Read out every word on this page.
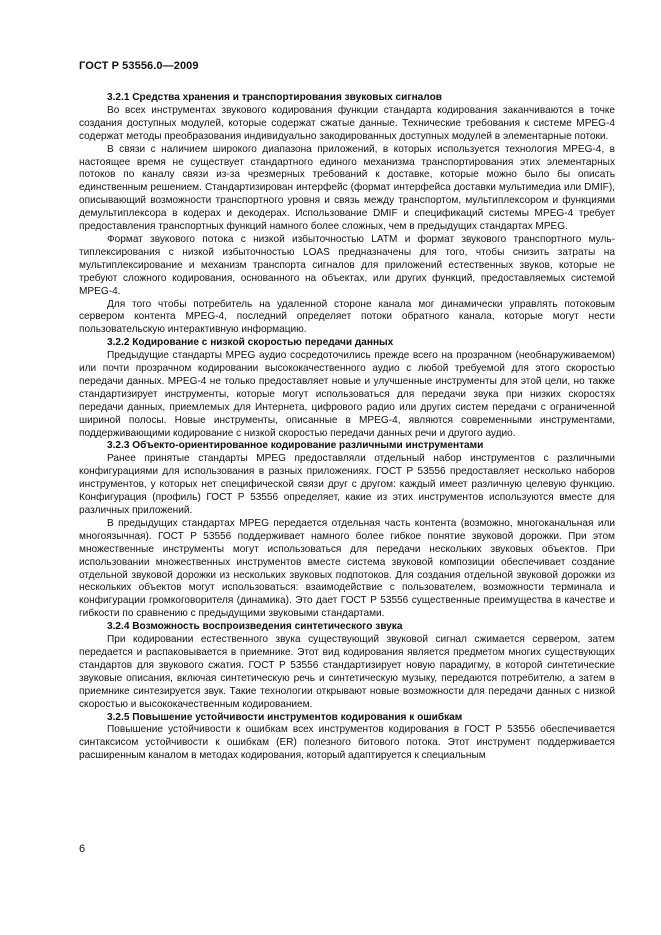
ГОСТ Р 53556.0—2009
3.2.1 Средства хранения и транспортирования звуковых сигналов

Во всех инструментах звукового кодирования функции стандарта кодирования заканчиваются в точке создания доступных модулей, которые содержат сжатые данные. Технические требования к системе MPEG-4 содержат методы преобразования индивидуально закодированных доступных модулей в элементарные потоки.

В связи с наличием широкого диапазона приложений, в которых используется технология MPEG-4, в настоящее время не существует стандартного единого механизма транспортирования этих элементарных потоков по каналу связи из-за чрезмерных требований к доставке, которые можно было бы описать единственным решением. Стандартизирован интерфейс (формат интерфейса доставки мультимедиа или DMIF), описывающий возможности транспортного уровня и связь между транспортом, мультиплексором и функциями демультиплексора в кодерах и декодерах. Использование DMIF и спецификаций системы MPEG-4 требует предоставления транспортных функций намного более сложных, чем в предыдущих стандартах MPEG.

Формат звукового потока с низкой избыточностью LATM и формат звукового транспортного мультиплексирования с низкой избыточностью LOAS предназначены для того, чтобы снизить затраты на мультиплексирование и механизм транспорта сигналов для приложений естественных звуков, которые не требуют сложного кодирования, основанного на объектах, или других функций, предоставляемых системой MPEG-4.

Для того чтобы потребитель на удаленной стороне канала мог динамически управлять потоковым сервером контента MPEG-4, последний определяет потоки обратного канала, которые могут нести пользовательскую интерактивную информацию.

3.2.2 Кодирование с низкой скоростью передачи данных

Предыдущие стандарты MPEG аудио сосредоточились прежде всего на прозрачном (необнаруживаемом) или почти прозрачном кодировании высококачественного аудио с любой требуемой для этого скоростью передачи данных. MPEG-4 не только предоставляет новые и улучшенные инструменты для этой цели, но также стандартизирует инструменты, которые могут использоваться для передачи звука при низких скоростях передачи данных, приемлемых для Интернета, цифрового радио или других систем передачи с ограниченной шириной полосы. Новые инструменты, описанные в MPEG-4, являются современными инструментами, поддерживающими кодирование с низкой скоростью передачи данных речи и другого аудио.

3.2.3 Объекто-ориентированное кодирование различными инструментами

Ранее принятые стандарты MPEG предоставляли отдельный набор инструментов с различными конфигурациями для использования в разных приложениях. ГОСТ Р 53556 предоставляет несколько наборов инструментов, у которых нет специфической связи друг с другом: каждый имеет различную целевую функцию. Конфигурация (профиль) ГОСТ Р 53556 определяет, какие из этих инструментов используются вместе для различных приложений.

В предыдущих стандартах MPEG передается отдельная часть контента (возможно, многоканальная или многоязычная). ГОСТ Р 53556 поддерживает намного более гибкое понятие звуковой дорожки. При этом множественные инструменты могут использоваться для передачи нескольких звуковых объектов. При использовании множественных инструментов вместе система звуковой композиции обеспечивает создание отдельной звуковой дорожки из нескольких звуковых подпотоков. Для создания отдельной звуковой дорожки из нескольких объектов могут использоваться: взаимодействие с пользователем, возможности терминала и конфигурации громкоговорителя (динамика). Это дает ГОСТ Р 53556 существенные преимущества в качестве и гибкости по сравнению с предыдущими звуковыми стандартами.

3.2.4 Возможность воспроизведения синтетического звука

При кодировании естественного звука существующий звуковой сигнал сжимается сервером, затем передается и распаковывается в приемнике. Этот вид кодирования является предметом многих существующих стандартов для звукового сжатия. ГОСТ Р 53556 стандартизирует новую парадигму, в которой синтетические звуковые описания, включая синтетическую речь и синтетическую музыку, передаются потребителю, а затем в приемнике синтезируется звук. Такие технологии открывают новые возможности для передачи данных с низкой скоростью и высококачественным кодированием.

3.2.5 Повышение устойчивости инструментов кодирования к ошибкам

Повышение устойчивости к ошибкам всех инструментов кодирования в ГОСТ Р 53556 обеспечивается синтаксисом устойчивости к ошибкам (ER) полезного битового потока. Этот инструмент поддерживается расширенным каналом в методах кодирования, который адаптируется к специальным

6
